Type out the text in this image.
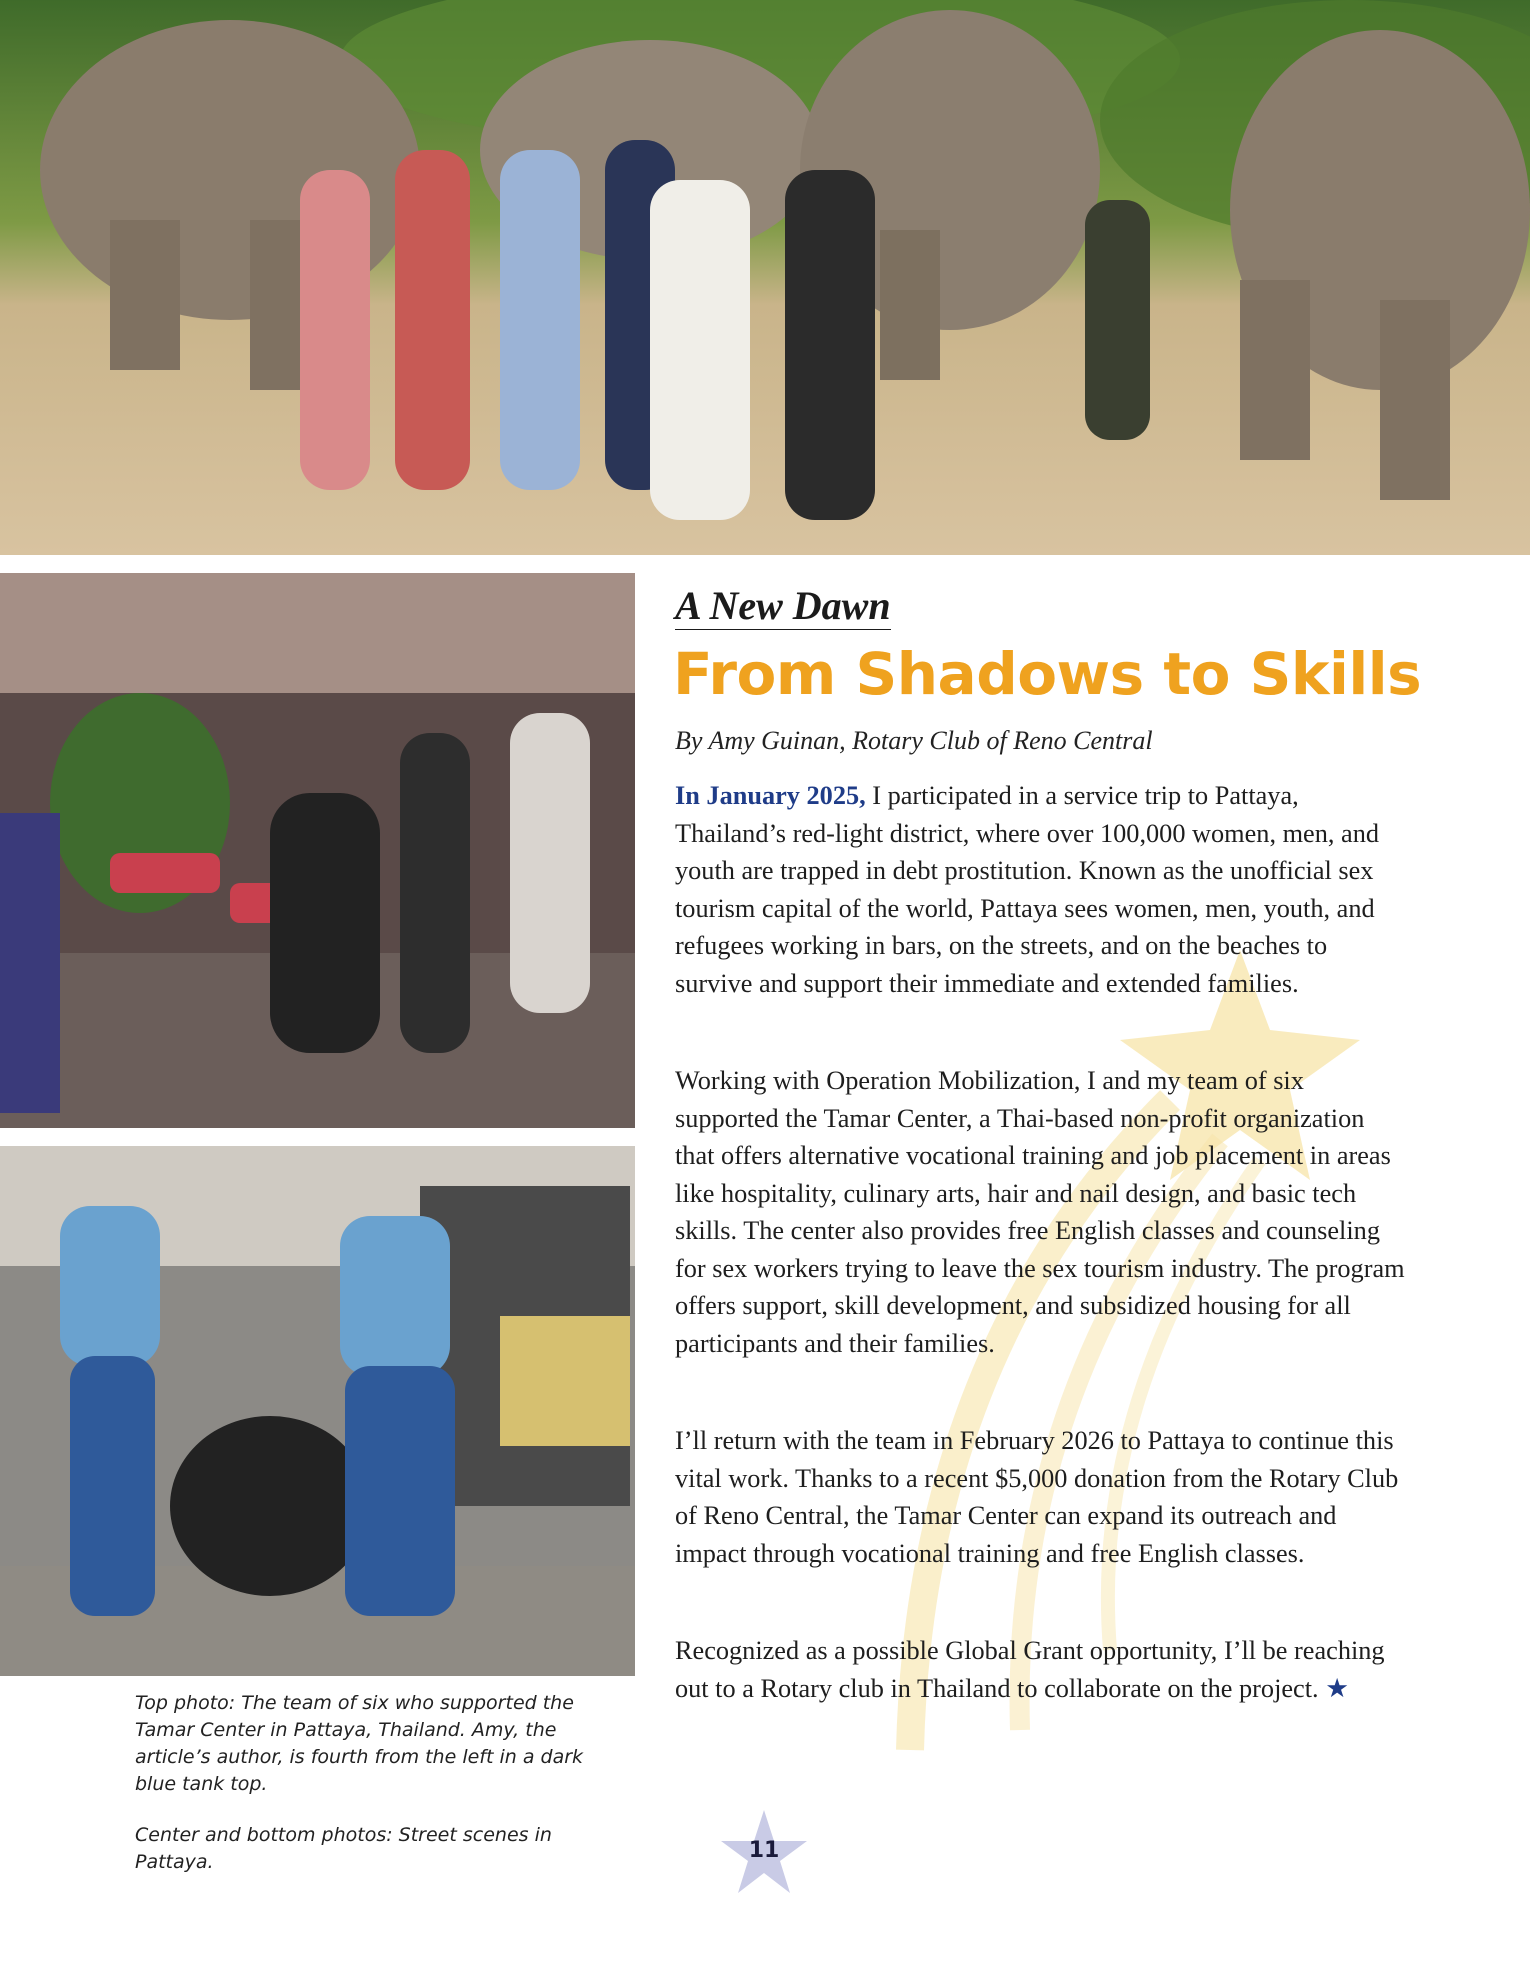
Top photo: The team of six who supported the Tamar Center in Pattaya, Thailand. Amy, the article’s author, is fourth from the left in a dark blue tank top.

Center and bottom photos: Street scenes in Pattaya.

A New Dawn
From Shadows to Skills

By Amy Guinan, Rotary Club of Reno Central

In January 2025, I participated in a service trip to Pattaya, Thailand’s red-light district, where over 100,000 women, men, and youth are trapped in debt prostitution. Known as the unofficial sex tourism capital of the world, Pattaya sees women, men, youth, and refugees working in bars, on the streets, and on the beaches to survive and support their immediate and extended families.

Working with Operation Mobilization, I and my team of six supported the Tamar Center, a Thai-based non-profit organization that offers alternative vocational training and job placement in areas like hospitality, culinary arts, hair and nail design, and basic tech skills. The center also provides free English classes and counseling for sex workers trying to leave the sex tourism industry. The program offers support, skill development, and subsidized housing for all participants and their families.

I’ll return with the team in February 2026 to Pattaya to continue this vital work. Thanks to a recent $5,000 donation from the Rotary Club of Reno Central, the Tamar Center can expand its outreach and impact through vocational training and free English classes.

Recognized as a possible Global Grant opportunity, I’ll be reaching out to a Rotary club in Thailand to collaborate on the project. ★

11
